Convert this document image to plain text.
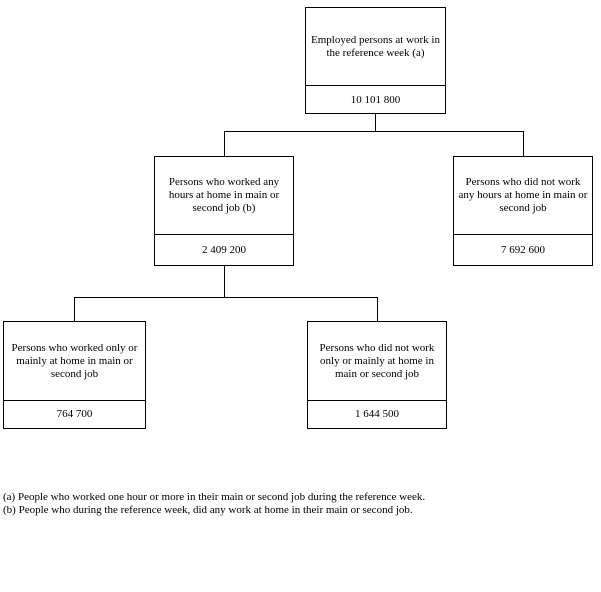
Employed persons at work in the reference week (a)
10 101 800
Persons who worked any hours at home in main or second job (b)
2 409 200
Persons who did not work any hours at home in main or second job
7 692 600
Persons who worked only or mainly at home in main or second job
764 700
Persons who did not work only or mainly at home in main or second job
1 644 500
(a) People who worked one hour or more in their main or second job during the reference week.
(b) People who during the reference week, did any work at home in their main or second job.
